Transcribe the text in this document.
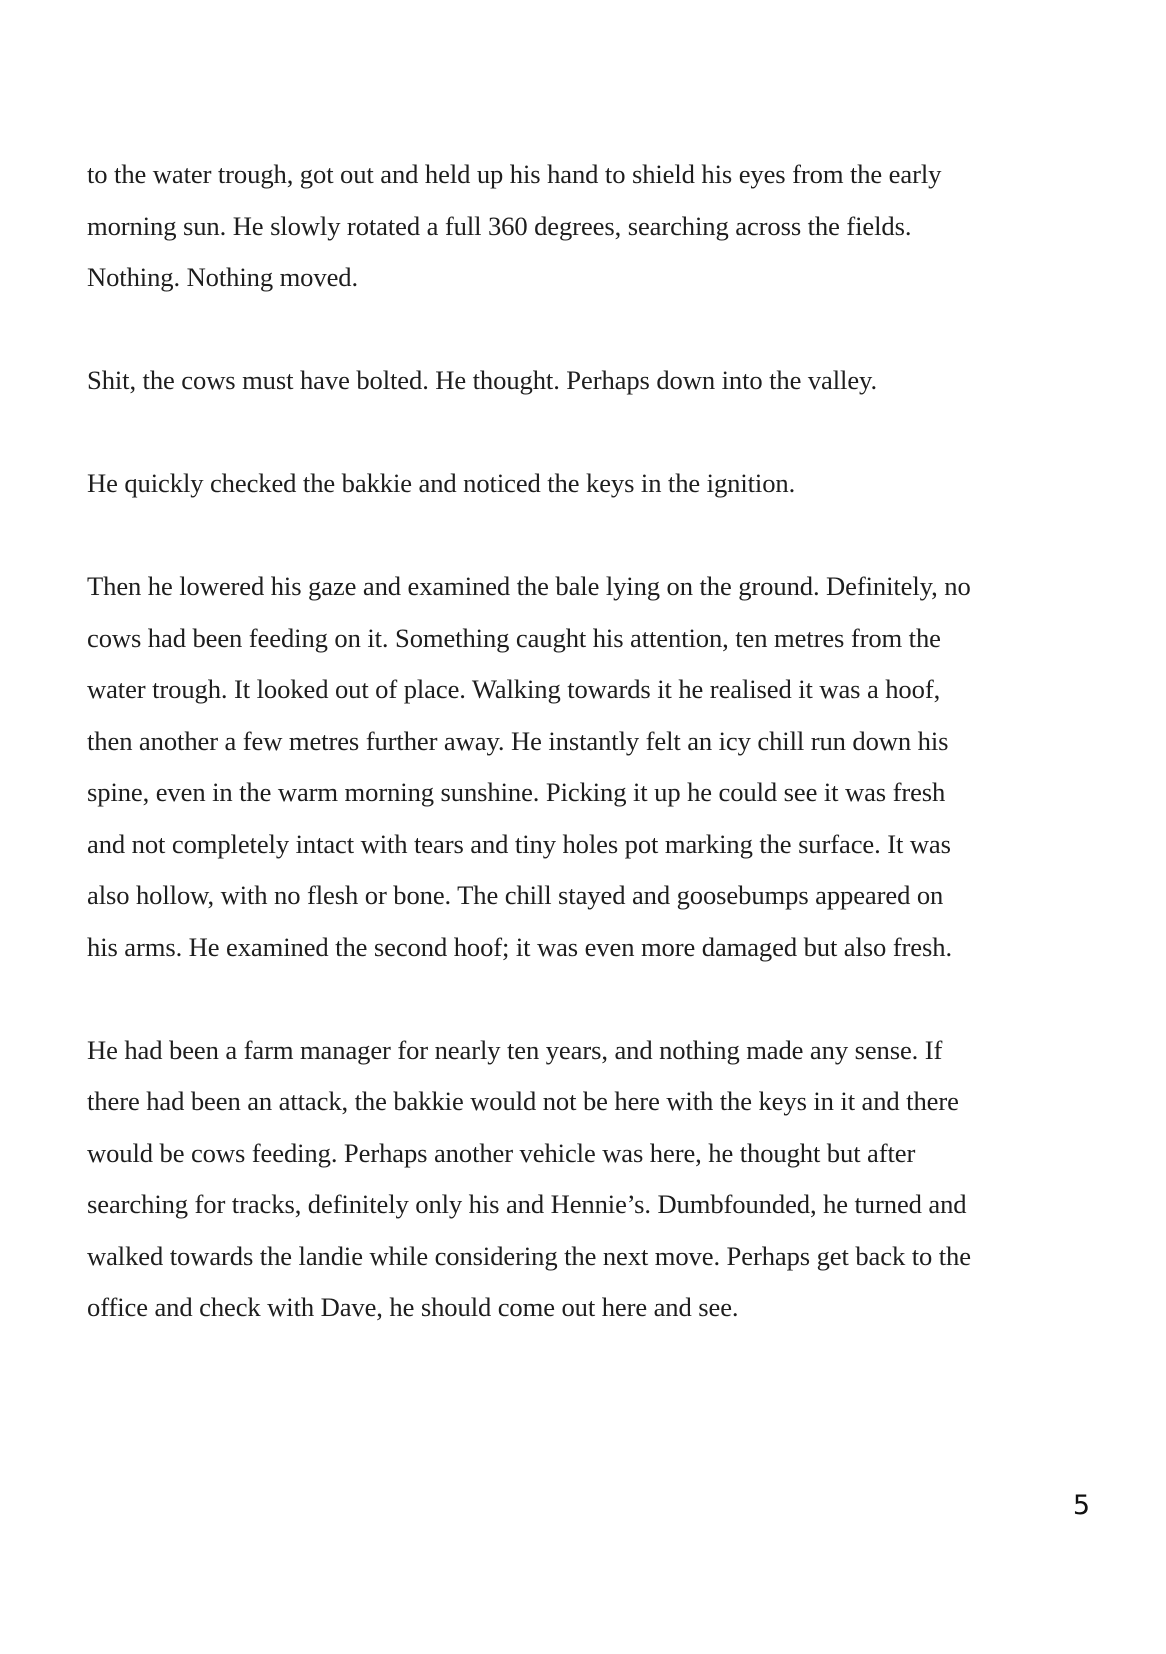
to the water trough, got out and held up his hand to shield his eyes from the early
morning sun. He slowly rotated a full 360 degrees, searching across the fields.
Nothing. Nothing moved.

Shit, the cows must have bolted. He thought. Perhaps down into the valley.

He quickly checked the bakkie and noticed the keys in the ignition.

Then he lowered his gaze and examined the bale lying on the ground. Definitely, no
cows had been feeding on it. Something caught his attention, ten metres from the
water trough. It looked out of place. Walking towards it he realised it was a hoof,
then another a few metres further away. He instantly felt an icy chill run down his
spine, even in the warm morning sunshine. Picking it up he could see it was fresh
and not completely intact with tears and tiny holes pot marking the surface. It was
also hollow, with no flesh or bone. The chill stayed and goosebumps appeared on
his arms. He examined the second hoof; it was even more damaged but also fresh.

He had been a farm manager for nearly ten years, and nothing made any sense. If
there had been an attack, the bakkie would not be here with the keys in it and there
would be cows feeding. Perhaps another vehicle was here, he thought but after
searching for tracks, definitely only his and Hennie’s. Dumbfounded, he turned and
walked towards the landie while considering the next move. Perhaps get back to the
office and check with Dave, he should come out here and see.

5
